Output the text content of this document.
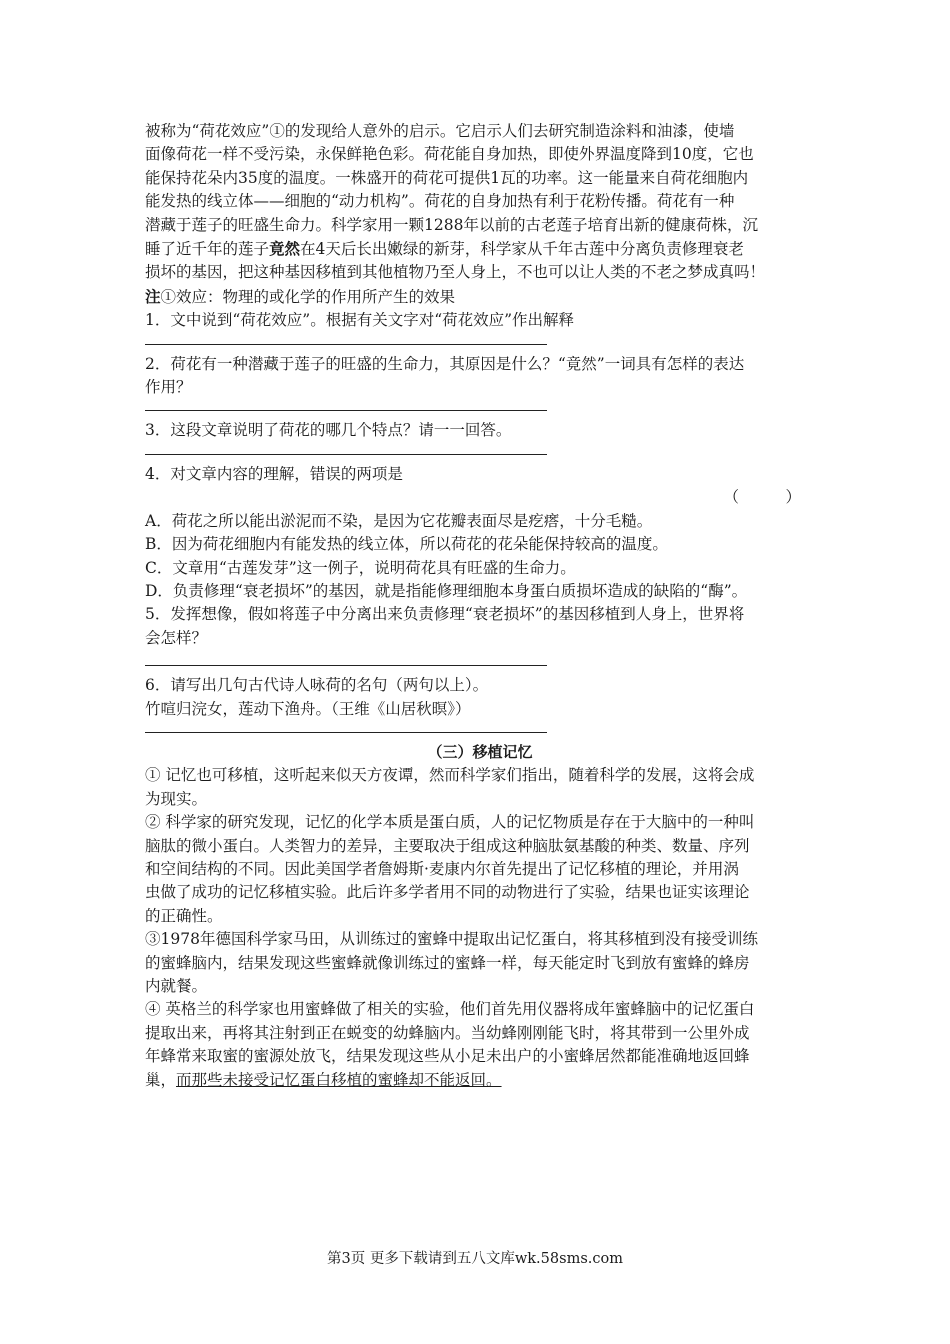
被称为“荷花效应”①的发现给人意外的启示。它启示人们去研究制造涂料和油漆，使墙

面像荷花一样不受污染，永保鲜艳色彩。荷花能自身加热，即使外界温度降到10度，它也

能保持花朵内35度的温度。一株盛开的荷花可提供1瓦的功率。这一能量来自荷花细胞内

能发热的线立体——细胞的“动力机构”。荷花的自身加热有利于花粉传播。荷花有一种

潜藏于莲子的旺盛生命力。科学家用一颗1288年以前的古老莲子培育出新的健康荷株，沉

睡了近千年的莲子竟然在4天后长出嫩绿的新芽，科学家从千年古莲中分离负责修理衰老

损坏的基因，把这种基因移植到其他植物乃至人身上，不也可以让人类的不老之梦成真吗！

注①效应：物理的或化学的作用所产生的效果

1．文中说到“荷花效应”。根据有关文字对“荷花效应”作出解释

2．荷花有一种潜藏于莲子的旺盛的生命力，其原因是什么？“竟然”一词具有怎样的表达

作用？

3．这段文章说明了荷花的哪几个特点？请一一回答。

4．对文章内容的理解，错误的两项是

（　　　）

A．荷花之所以能出淤泥而不染，是因为它花瓣表面尽是疙瘩，十分毛糙。

B．因为荷花细胞内有能发热的线立体，所以荷花的花朵能保持较高的温度。

C．文章用“古莲发芽”这一例子，说明荷花具有旺盛的生命力。

D．负责修理“衰老损坏”的基因，就是指能修理细胞本身蛋白质损坏造成的缺陷的“酶”。

5．发挥想像，假如将莲子中分离出来负责修理“衰老损坏”的基因移植到人身上，世界将

会怎样？

6．请写出几句古代诗人咏荷的名句（两句以上）。

竹喧归浣女，莲动下渔舟。（王维《山居秋暝》）

（三）移植记忆

① 记忆也可移植，这听起来似天方夜谭，然而科学家们指出，随着科学的发展，这将会成

为现实。

② 科学家的研究发现，记忆的化学本质是蛋白质，人的记忆物质是存在于大脑中的一种叫

脑肽的微小蛋白。人类智力的差异，主要取决于组成这种脑肽氨基酸的种类、数量、序列

和空间结构的不同。因此美国学者詹姆斯·麦康内尔首先提出了记忆移植的理论，并用涡

虫做了成功的记忆移植实验。此后许多学者用不同的动物进行了实验，结果也证实该理论

的正确性。

③1978年德国科学家马田，从训练过的蜜蜂中提取出记忆蛋白，将其移植到没有接受训练

的蜜蜂脑内，结果发现这些蜜蜂就像训练过的蜜蜂一样，每天能定时飞到放有蜜蜂的蜂房

内就餐。

④ 英格兰的科学家也用蜜蜂做了相关的实验，他们首先用仪器将成年蜜蜂脑中的记忆蛋白

提取出来，再将其注射到正在蜕变的幼蜂脑内。当幼蜂刚刚能飞时，将其带到一公里外成

年蜂常来取蜜的蜜源处放飞，结果发现这些从小足未出户的小蜜蜂居然都能准确地返回蜂

巢，而那些未接受记忆蛋白移植的蜜蜂却不能返回。

第3页 更多下载请到五八文库wk.58sms.com
